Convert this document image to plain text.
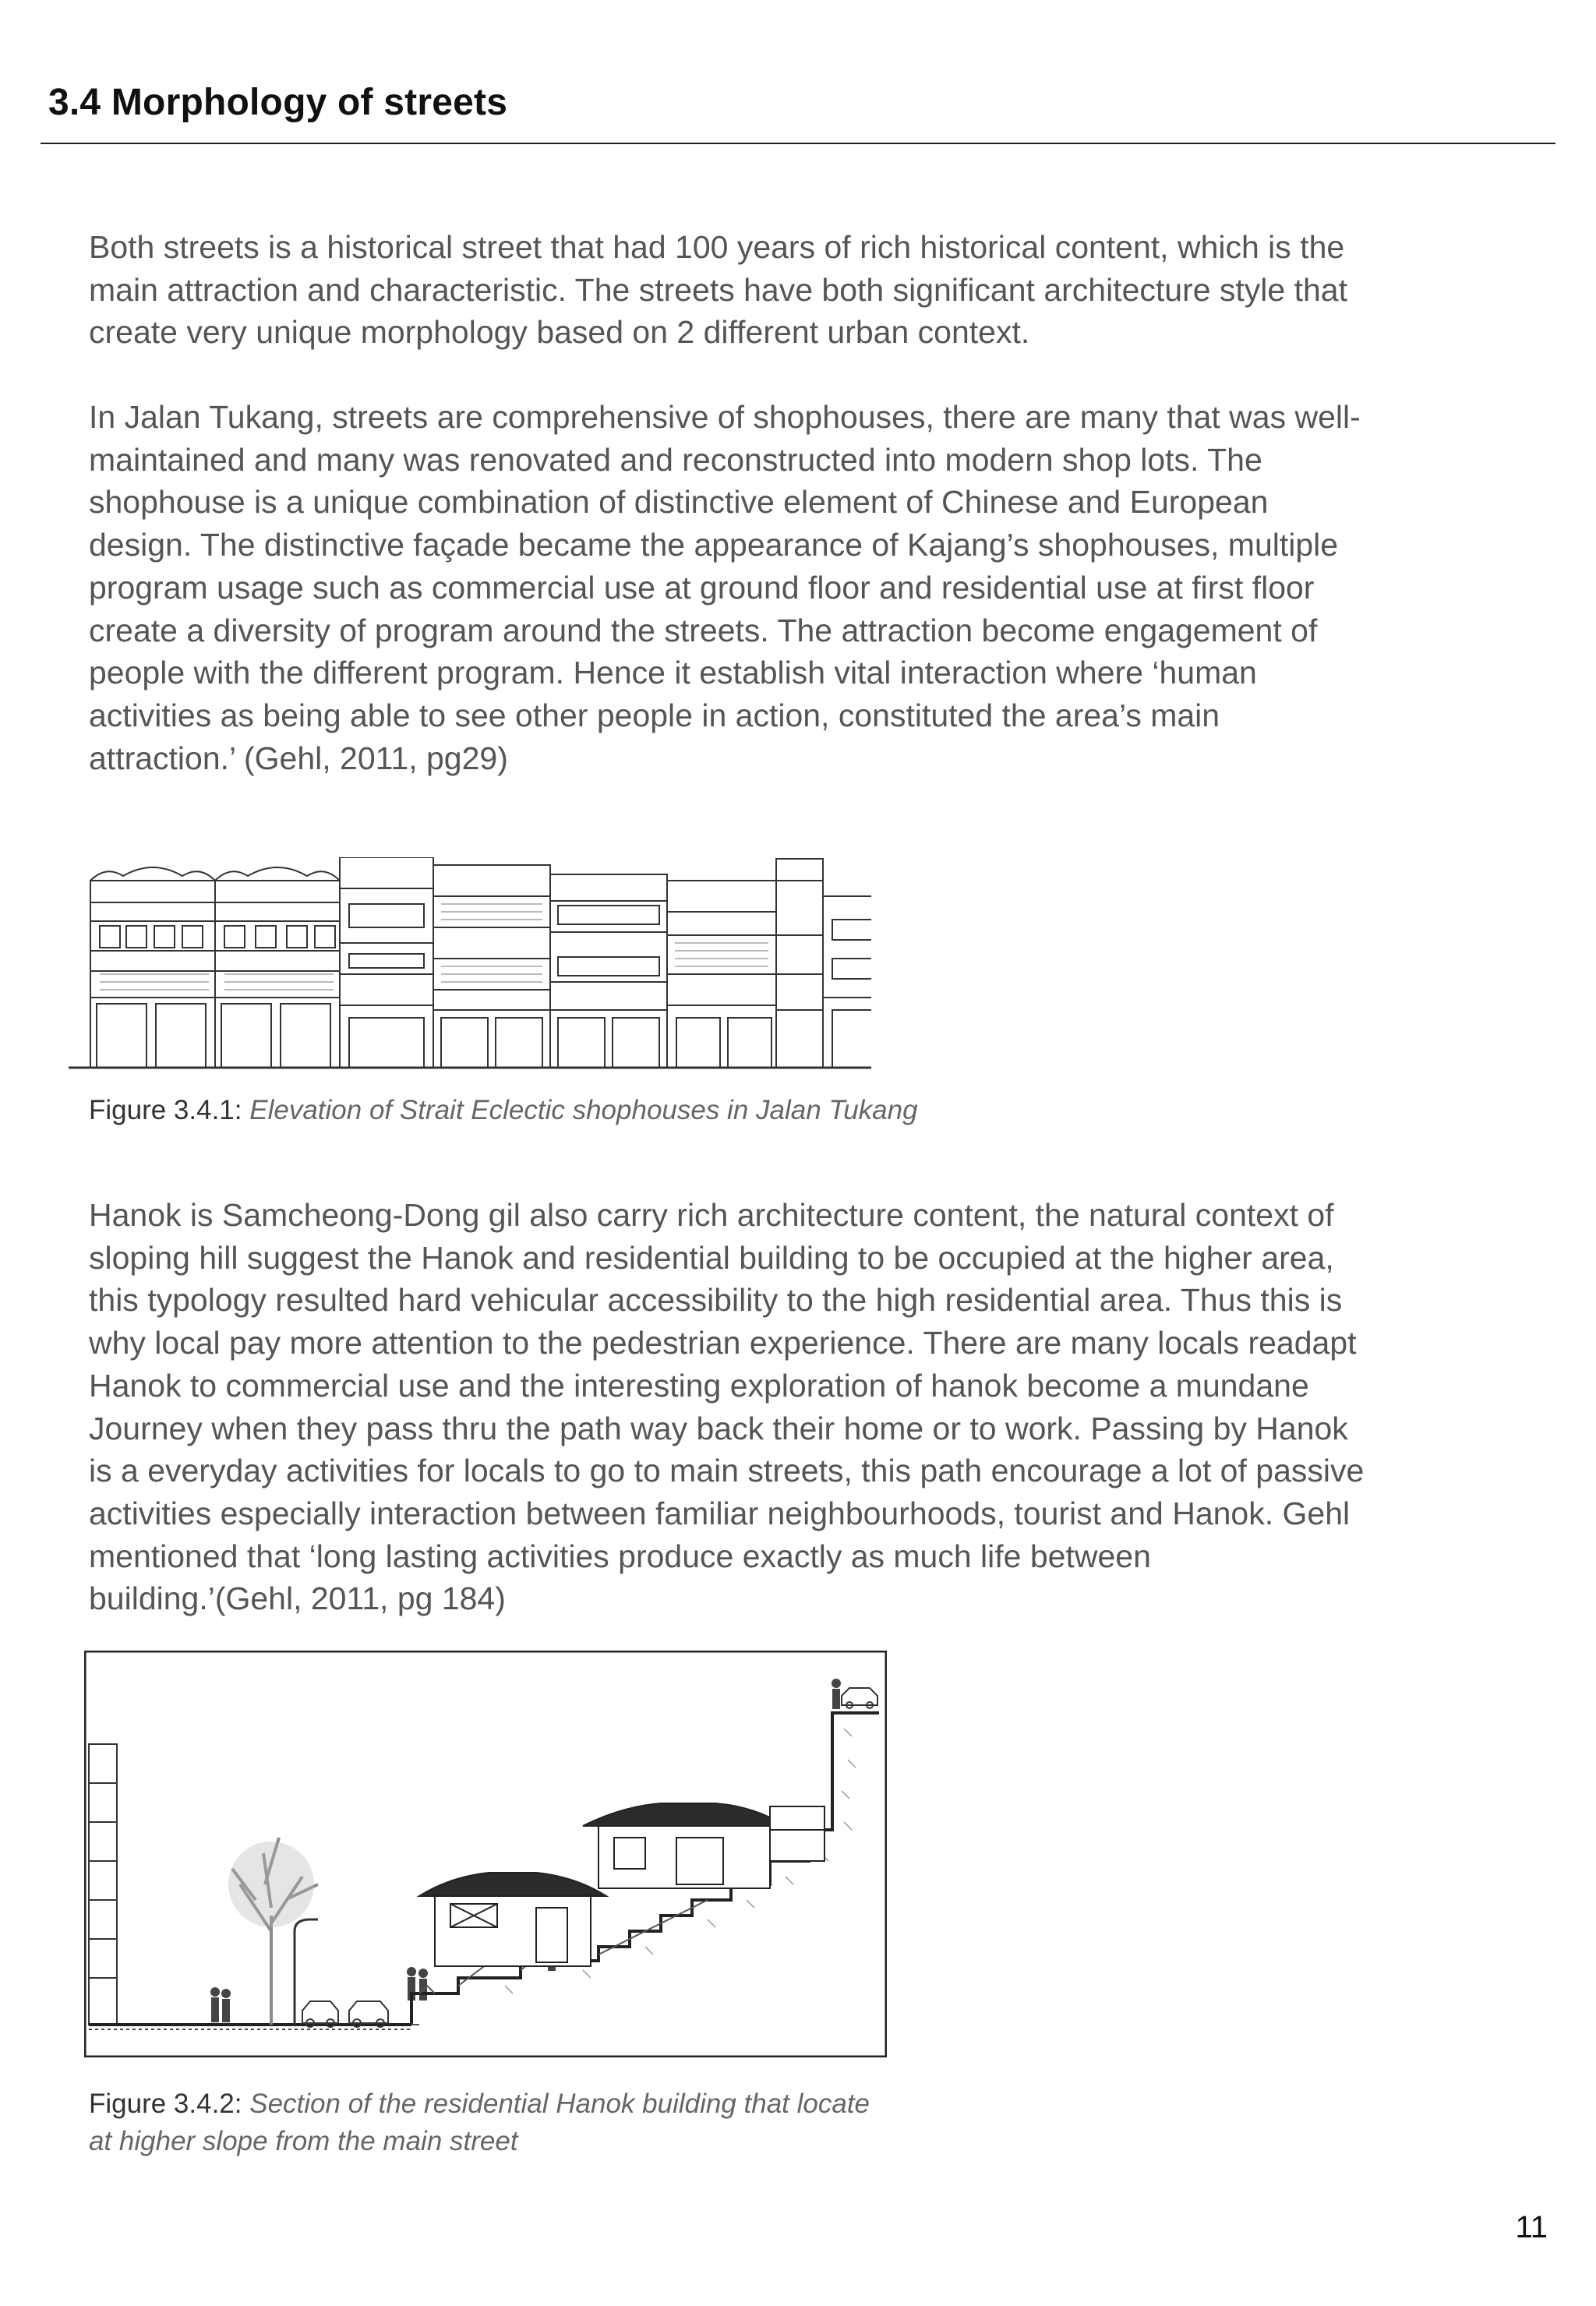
3.4 Morphology of streets
Both streets is a historical street that had 100 years of rich historical content, which is the
main attraction and characteristic. The streets have both significant architecture style that
create very unique morphology based on 2 different urban context.
In Jalan Tukang, streets are comprehensive of shophouses, there are many that was well-
maintained and many was renovated and reconstructed into modern shop lots. The
shophouse is a unique combination of distinctive element of Chinese and European
design. The distinctive façade became the appearance of Kajang’s shophouses, multiple
program usage such as commercial use at ground floor and residential use at first floor
create a diversity of program around the streets. The attraction become engagement of
people with the different program. Hence it establish vital interaction where ‘human
activities as being able to see other people in action, constituted the area’s main
attraction.’ (Gehl, 2011, pg29)
Figure 3.4.1: Elevation of Strait Eclectic shophouses in Jalan Tukang
Hanok is Samcheong-Dong gil also carry rich architecture content, the natural context of
sloping hill suggest the Hanok and residential building to be occupied at the higher area,
this typology resulted hard vehicular accessibility to the high residential area. Thus this is
why local pay more attention to the pedestrian experience. There are many locals readapt
Hanok to commercial use and the interesting exploration of hanok become a mundane
Journey when they pass thru the path way back their home or to work. Passing by Hanok
is a everyday activities for locals to go to main streets, this path encourage a lot of passive
activities especially interaction between familiar neighbourhoods, tourist and Hanok. Gehl
mentioned that ‘long lasting activities produce exactly as much life between
building.’(Gehl, 2011, pg 184)
Figure 3.4.2: Section of the residential Hanok building that locate
at higher slope from the main street
11
